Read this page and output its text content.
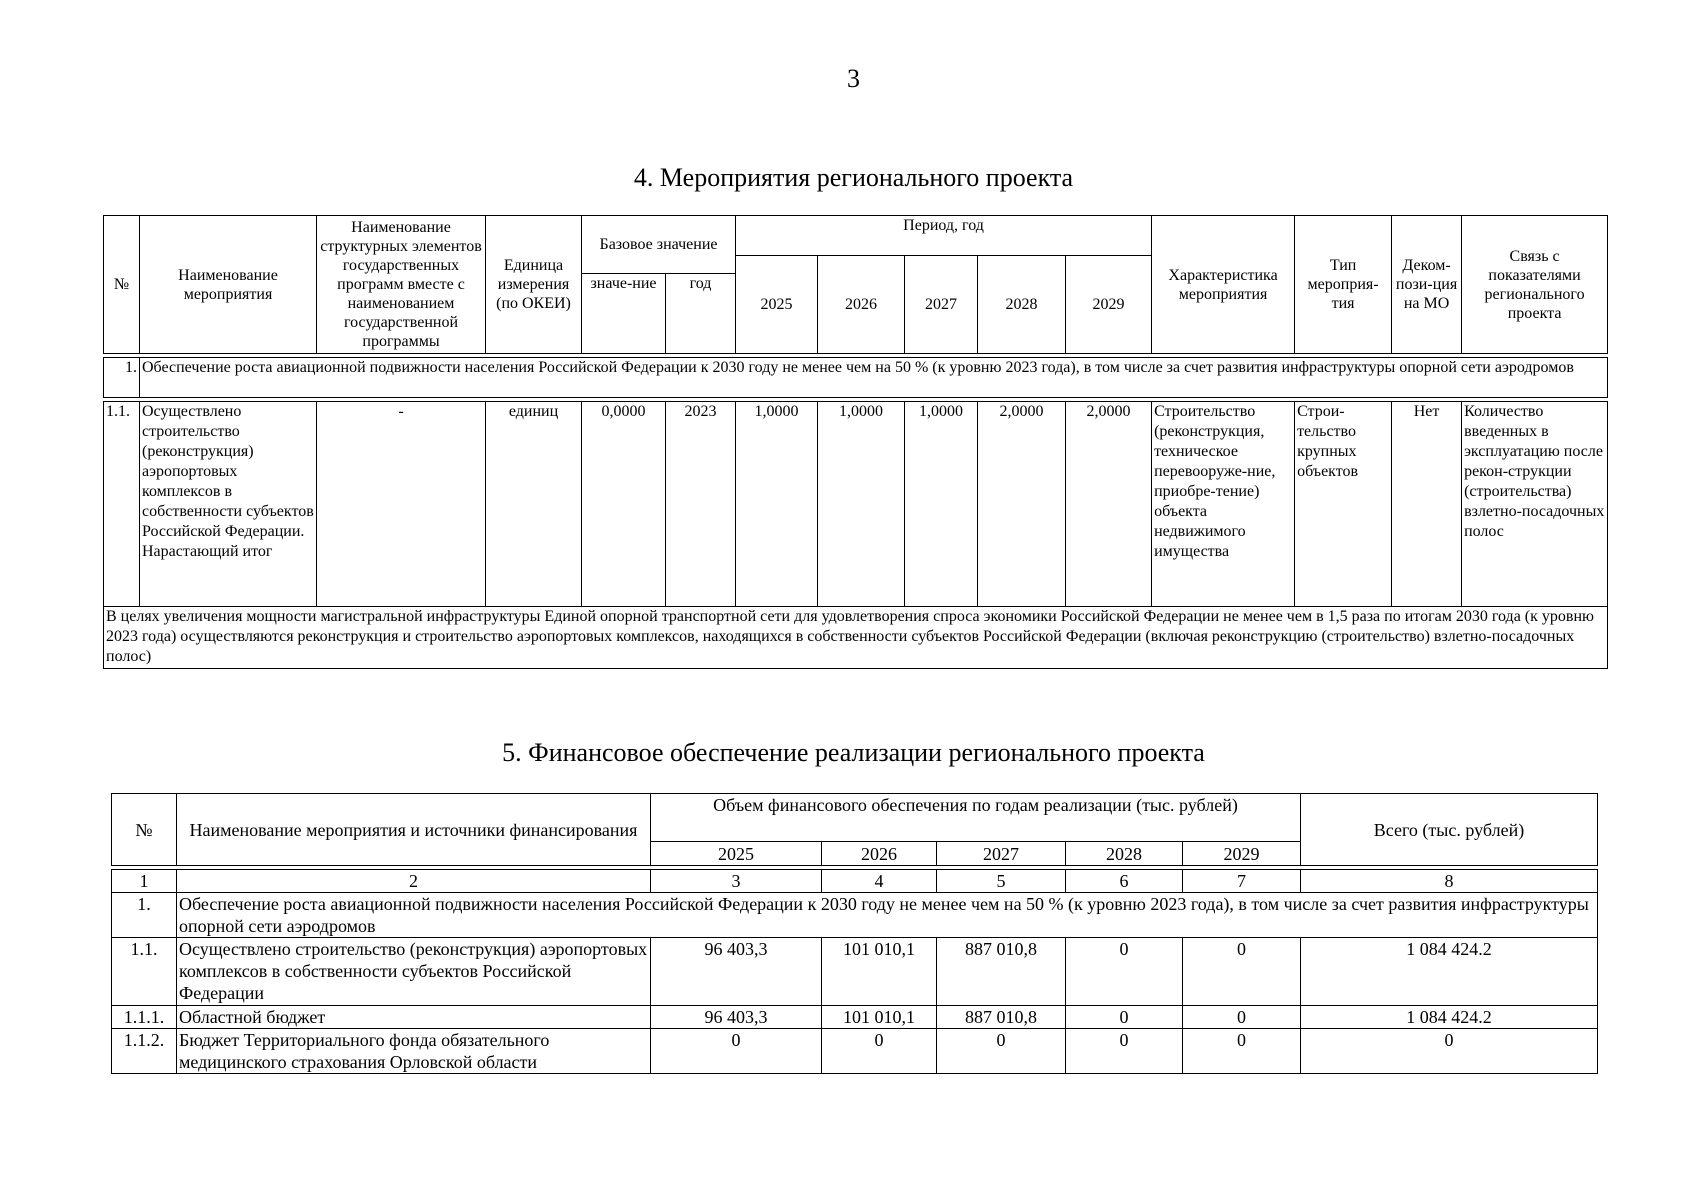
3
4. Мероприятия регионального проекта
№	Наименование мероприятия	Наименование структурных элементов государственных программ вместе с наименованием государственной программы	Единица измерения (по ОКЕИ)	Базовое значение		Период, год					Характеристика мероприятия	Тип мероприя-тия	Деком-пози-ция на МО	Связь с показателями регионального проекта
						2025	2026	2027	2028	2029				
				значе-ние	год									

1.	Обеспечение роста авиационной подвижности населения Российской Федерации к 2030 году не менее чем на 50 % (к уровню 2023 года), в том числе за счет развития инфраструктуры опорной сети аэродромов													

1.1.	Осуществлено строительство (реконструкция) аэропортовых комплексов в собственности субъектов Российской Федерации. Нарастающий итог	-	единиц	0,0000	2023	1,0000	1,0000	1,0000	2,0000	2,0000	Строительство (реконструкция, техническое перевооруже-ние, приобре-тение) объекта недвижимого имущества	Строи-тельство крупных объектов	Нет	Количество введенных в эксплуатацию после рекон-струкции (строительства) взлетно-посадочных полос
В целях увеличения мощности магистральной инфраструктуры Единой опорной транспортной сети для удовлетворения спроса экономики Российской Федерации не менее чем в 1,5 раза по итогам 2030 года (к уровню 2023 года) осуществляются реконструкция и строительство аэропортовых комплексов, находящихся в собственности субъектов Российской Федерации (включая реконструкцию (строительство) взлетно-посадочных полос)														
5. Финансовое обеспечение реализации регионального проекта
№	Наименование мероприятия и источники финансирования	Объем финансового обеспечения по годам реализации (тыс. рублей)					Всего (тыс. рублей)
		2025	2026	2027	2028	2029	

1	2	3	4	5	6	7	8
1.	Обеспечение роста авиационной подвижности населения Российской Федерации к 2030 году не менее чем на 50 % (к уровню 2023 года), в том числе за счет развития инфраструктуры опорной сети аэродромов						
1.1.	Осуществлено строительство (реконструкция) аэропортовых комплексов в собственности субъектов Российской Федерации	96 403,3	101 010,1	887 010,8	0	0	1 084 424.2
1.1.1.	Областной бюджет	96 403,3	101 010,1	887 010,8	0	0	1 084 424.2
1.1.2.	Бюджет Территориального фонда обязательного медицинского страхования Орловской области	0	0	0	0	0	0
